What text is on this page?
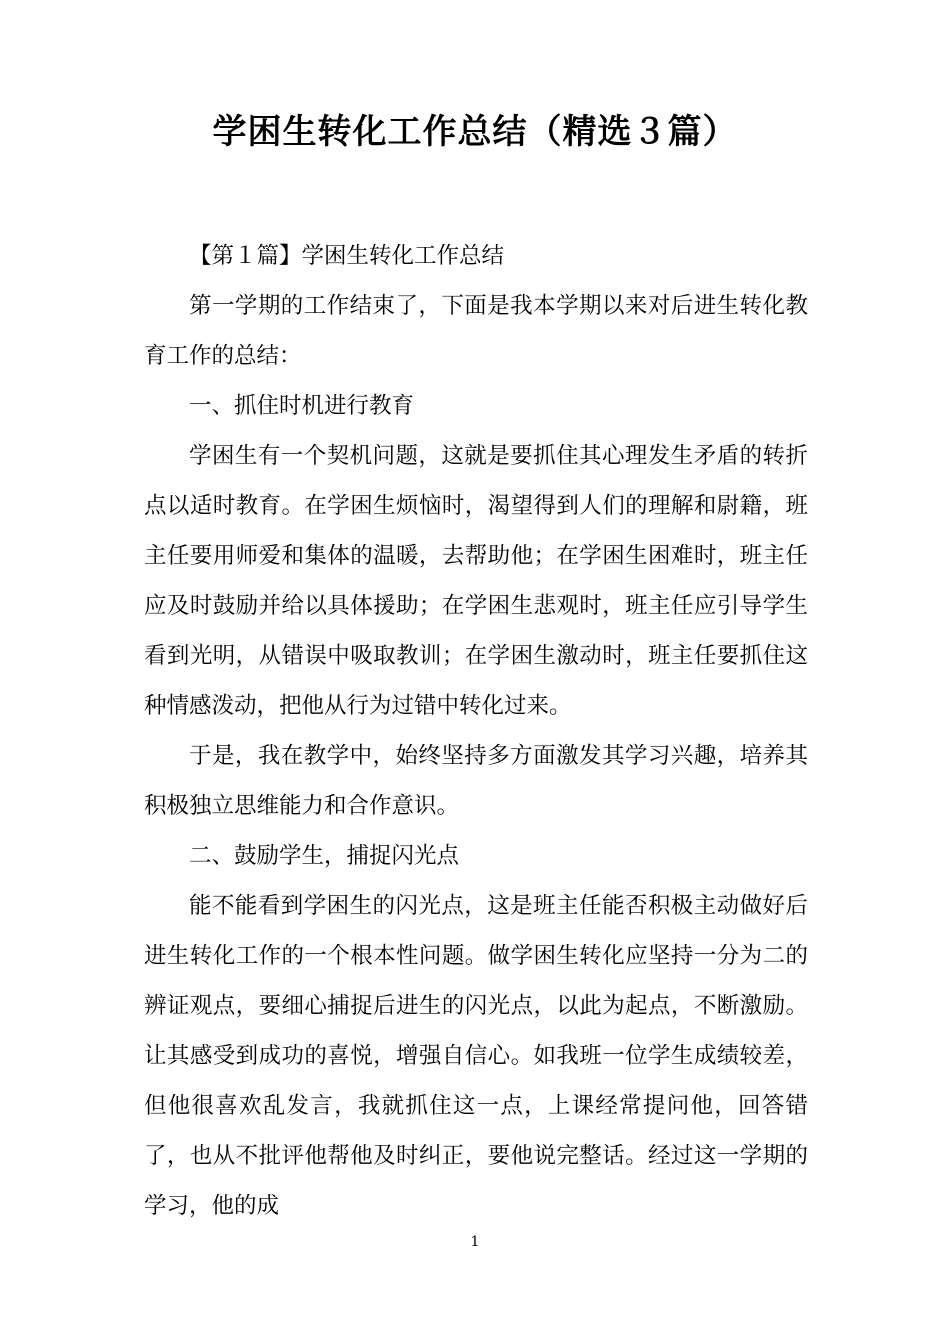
学困生转化工作总结（精选３篇）

【第１篇】学困生转化工作总结

第一学期的工作结束了，下面是我本学期以来对后进生转化教育工作的总结：

一、抓住时机进行教育

学困生有一个契机问题，这就是要抓住其心理发生矛盾的转折点以适时教育。在学困生烦恼时，渴望得到人们的理解和尉籍，班主任要用师爱和集体的温暖，去帮助他；在学困生困难时，班主任应及时鼓励并给以具体援助；在学困生悲观时，班主任应引导学生看到光明，从错误中吸取教训；在学困生激动时，班主任要抓住这种情感泼动，把他从行为过错中转化过来。

于是，我在教学中，始终坚持多方面激发其学习兴趣，培养其积极独立思维能力和合作意识。

二、鼓励学生，捕捉闪光点

能不能看到学困生的闪光点，这是班主任能否积极主动做好后进生转化工作的一个根本性问题。做学困生转化应坚持一分为二的辨证观点，要细心捕捉后进生的闪光点，以此为起点，不断激励。让其感受到成功的喜悦，增强自信心。如我班一位学生成绩较差，但他很喜欢乱发言，我就抓住这一点，上课经常提问他，回答错了，也从不批评他帮他及时纠正，要他说完整话。经过这一学期的学习，他的成

1
